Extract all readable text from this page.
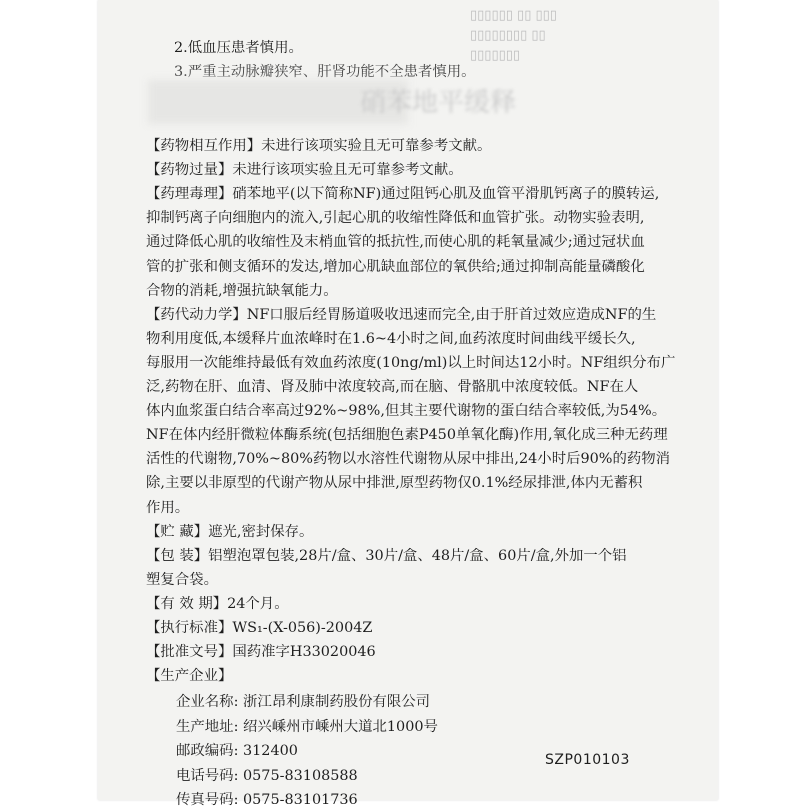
▯▯▯▯▯▯ ▯▯ ▯▯▯
▯▯▯▯▯▯▯▯ ▯▯
▯▯▯▯▯▯▯
2.低血压患者慎用。
3.严重主动脉瓣狭窄、肝肾功能不全患者慎用。
硝苯地平缓释
【药物相互作用】未进行该项实验且无可靠参考文献。
【药物过量】未进行该项实验且无可靠参考文献。
【药理毒理】硝苯地平(以下简称NF)通过阻钙心肌及血管平滑肌钙离子的膜转运,
抑制钙离子向细胞内的流入,引起心肌的收缩性降低和血管扩张。动物实验表明,
通过降低心肌的收缩性及末梢血管的抵抗性,而使心肌的耗氧量减少;通过冠状血
管的扩张和侧支循环的发达,增加心肌缺血部位的氧供给;通过抑制高能量磷酸化
合物的消耗,增强抗缺氧能力。
【药代动力学】NF口服后经胃肠道吸收迅速而完全,由于肝首过效应造成NF的生
物利用度低,本缓释片血浓峰时在1.6~4小时之间,血药浓度时间曲线平缓长久,
每服用一次能维持最低有效血药浓度(10ng/ml)以上时间达12小时。NF组织分布广
泛,药物在肝、血清、肾及肺中浓度较高,而在脑、骨骼肌中浓度较低。NF在人
体内血浆蛋白结合率高过92%~98%,但其主要代谢物的蛋白结合率较低,为54%。
NF在体内经肝微粒体酶系统(包括细胞色素P450单氧化酶)作用,氧化成三种无药理
活性的代谢物,70%~80%药物以水溶性代谢物从尿中排出,24小时后90%的药物消
除,主要以非原型的代谢产物从尿中排泄,原型药物仅0.1%经尿排泄,体内无蓄积
作用。
【贮 藏】遮光,密封保存。
【包 装】铝塑泡罩包装,28片/盒、30片/盒、48片/盒、60片/盒,外加一个铝
塑复合袋。
【有 效 期】24个月。
【执行标准】WS₁-(X-056)-2004Z
【批准文号】国药准字H33020046
【生产企业】
企业名称: 浙江昂利康制药股份有限公司
生产地址: 绍兴嵊州市嵊州大道北1000号
邮政编码: 312400
电话号码: 0575-83108588
传真号码: 0575-83101736
SZP010103
